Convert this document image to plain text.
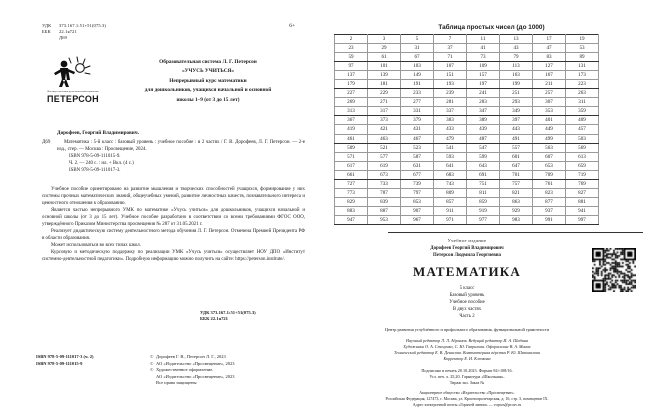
УДК 373.167.1:51+51(075.3)
ББК 22.1я721
Д69
6+
Институт системно-деятельностной педагогики
ПЕТЕРСОН
Образовательная система Л. Г. Петерсон
«УЧУСЬ УЧИТЬСЯ»
Непрерывный курс математики
для дошкольников, учащихся начальной и основной
школы 1–9 (от 3 до 15 лет)
Д69
Дорофеев, Георгий Владимирович.
Математика : 5-й класс : базовый уровень : учебное пособие : в 2 частях / Г. В. Дорофеев, Л. Г. Петерсон. — 2-е изд., стер. — Москва : Просвещение, 2024.
ISBN 978-5-09-111015-9.
Ч. 2. — 240 с. : ил. + Вкл. (4 с.)
ISBN 978-5-09-111017-3.

Учебное пособие ориентировано на развитие мышления и творческих способностей учащихся, формирование у них системы прочных математических знаний, общеучебных умений, развитие личностных качеств, познавательного интереса и ценностного отношения к образованию.

Является частью непрерывного УМК по математике «Учусь учиться» для дошкольников, учащихся начальной и основной школы (от 3 до 15 лет). Учебное пособие разработано в соответствии со всеми требованиями ФГОС ООО, утверждённого Приказом Министерства просвещения № 287 от 31.05.2021 г.

Реализует дидактическую систему деятельностного метода обучения Л. Г. Петерсон. Отмечена Премией Президента РФ в области образования.

Может использоваться во всех типах школ.

Курсовую и методическую поддержку по реализации УМК «Учусь учиться» осуществляет НОУ ДПО «Институт системно-деятельностной педагогики». Подробную информацию можно получить на сайте: https://peterson.institute/.

УДК 373.167.1:51+51(075.3)
ББК 22.1я721
ISBN 978-5-09-111017-3 (ч. 2)
ISBN 978-5-09-111015-9
© Дорофеев Г. В., Петерсон Л. Г., 2023
© АО «Издательство «Просвещение», 2023
© Художественное оформление.
АО «Издательство «Просвещение», 2023
Все права защищены
Таблица простых чисел (до 1000)
2	3	5	7	11	13	17	19
23	29	31	37	41	43	47	53
59	61	67	71	73	79	83	89
97	101	103	107	109	113	127	131
137	139	149	151	157	163	167	173
179	181	191	193	197	199	211	223
227	229	233	239	241	251	257	263
269	271	277	281	283	293	307	311
313	317	331	337	347	349	353	359
367	373	379	383	389	397	401	409
419	421	431	433	439	443	449	457
461	463	467	479	487	491	499	503
509	521	523	541	547	557	563	569
571	577	587	593	599	601	607	613
617	619	631	641	643	647	653	659
661	673	677	683	691	701	709	719
727	733	739	743	751	757	761	769
773	787	797	809	811	821	823	827
829	839	853	857	859	863	877	881
883	887	907	911	919	929	937	941
947	953	967	971	977	983	991	997
Учебное издание
Дорофеев Георгий Владимирович
Петерсон Людмила Георгиевна
МАТЕМАТИКА
5 класс
Базовый уровень
Учебное пособие
В двух частях
Часть 2
Центр развития углублённого и профильного образования, функциональной грамотности
Научный редактор Л. Л. Абрамов. Ведущий редактор И. А. Шадина
Художники О. А. Стеценко, С. Ю. Гаврилова. Оформление В. А. Манах
Технический редактор Е. В. Денисова. Компьютерная вёрстка Р. Ю. Шаповалова
Корректор Е. И. Клочкова
Подписано в печать 20.10.2023. Формат 84×108/16.
Усл. печ. л. 25,20. Гарнитура «Школьная».
Тираж экз. Заказ №
Акционерное общество «Издательство «Просвещение».
Российская Федерация, 127473, г. Москва, ул. Краснопролетарская, д. 16, стр. 3, помещение IX.
Адрес электронной почты «Горячей линии» — vopros@prosv.ru
